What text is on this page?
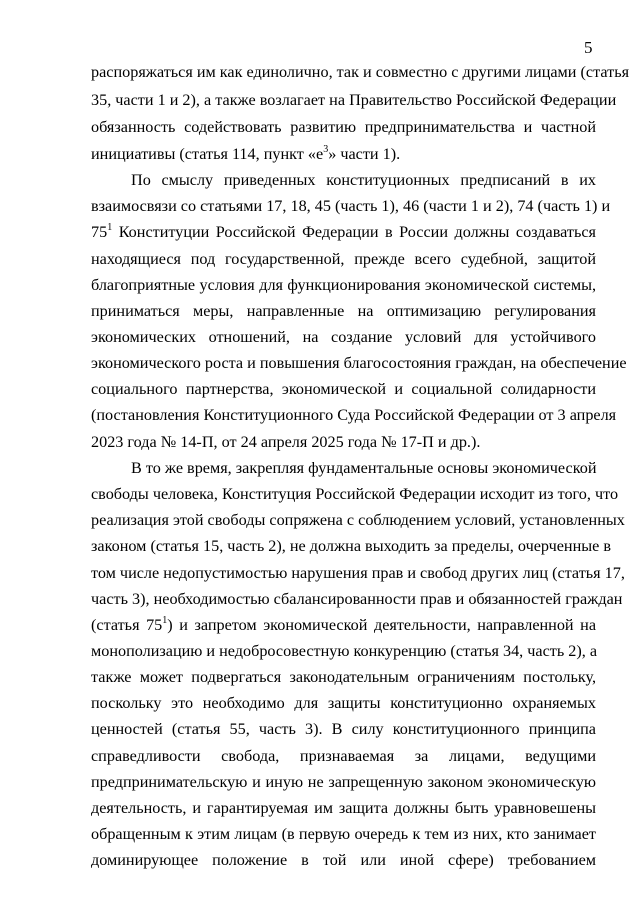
5
распоряжаться им как единолично, так и совместно с другими лицами (статья
35, части 1 и 2), а также возлагает на Правительство Российской Федерации
обязанность содействовать развитию предпринимательства и частной
инициативы (статья 114, пункт «$е^3$» части 1).
По смыслу приведенных конституционных предписаний в их
взаимосвязи со статьями 17, 18, 45 (часть 1), 46 (части 1 и 2), 74 (часть 1) и
$75^1$ Конституции Российской Федерации в России должны создаваться
находящиеся под государственной, прежде всего судебной, защитой
благоприятные условия для функционирования экономической системы,
приниматься меры, направленные на оптимизацию регулирования
экономических отношений, на создание условий для устойчивого
экономического роста и повышения благосостояния граждан, на обеспечение
социального партнерства, экономической и социальной солидарности
(постановления Конституционного Суда Российской Федерации от 3 апреля
2023 года № 14-П, от 24 апреля 2025 года № 17-П и др.).
В то же время, закрепляя фундаментальные основы экономической
свободы человека, Конституция Российской Федерации исходит из того, что
реализация этой свободы сопряжена с соблюдением условий, установленных
законом (статья 15, часть 2), не должна выходить за пределы, очерченные в
том числе недопустимостью нарушения прав и свобод других лиц (статья 17,
часть 3), необходимостью сбалансированности прав и обязанностей граждан
(статья $75^1$) и запретом экономической деятельности, направленной на
монополизацию и недобросовестную конкуренцию (статья 34, часть 2), а
также может подвергаться законодательным ограничениям постольку,
поскольку это необходимо для защиты конституционно охраняемых
ценностей (статья 55, часть 3). В силу конституционного принципа
справедливости свобода, признаваемая за лицами, ведущими
предпринимательскую и иную не запрещенную законом экономическую
деятельность, и гарантируемая им защита должны быть уравновешены
обращенным к этим лицам (в первую очередь к тем из них, кто занимает
доминирующее положение в той или иной сфере) требованием
